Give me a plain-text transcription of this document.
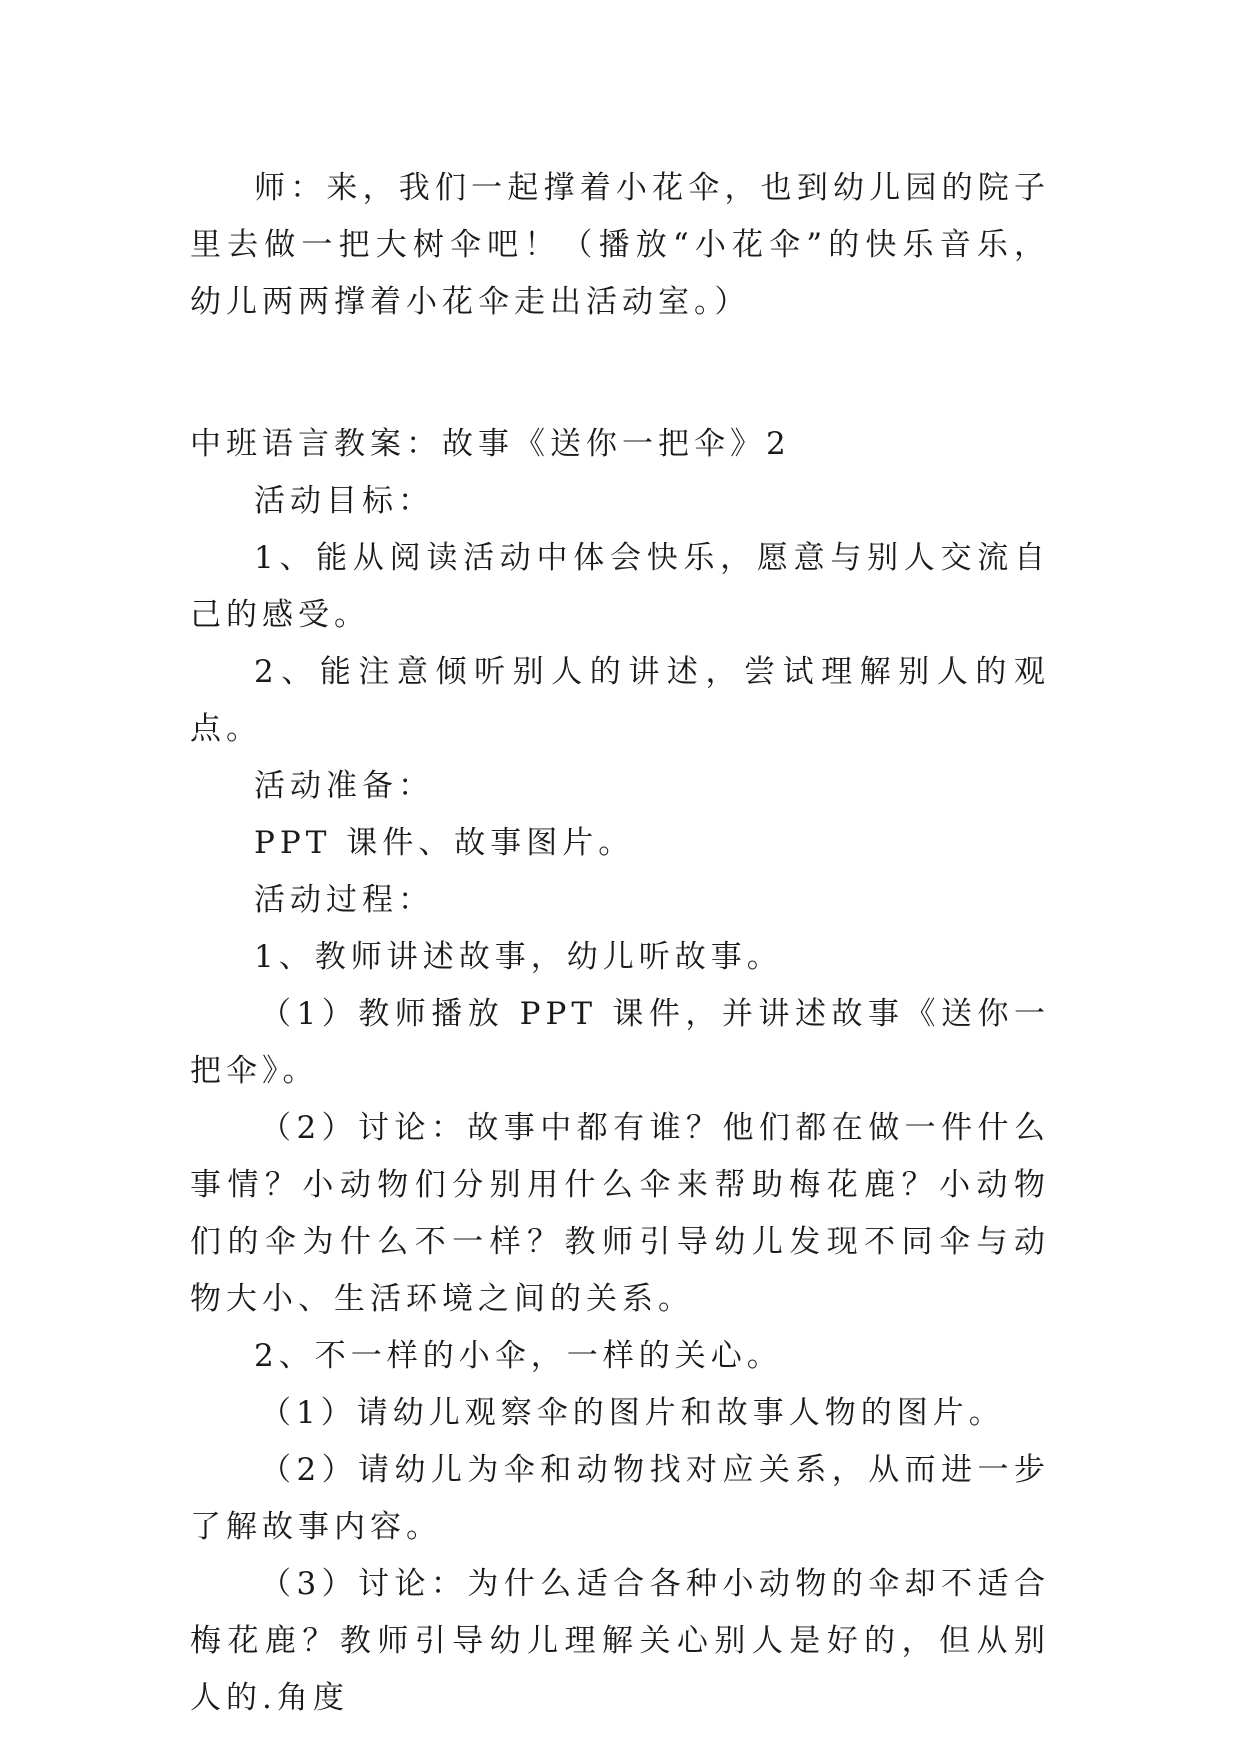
师：来，我们一起撑着小花伞，也到幼儿园的院子里去做一把大树伞吧！（播放“小花伞”的快乐音乐，幼儿两两撑着小花伞走出活动室。）

中班语言教案：故事《送你一把伞》2

活动目标：

1、能从阅读活动中体会快乐，愿意与别人交流自己的感受。

2、能注意倾听别人的讲述，尝试理解别人的观点。

活动准备：

PPT 课件、故事图片。

活动过程：

1、教师讲述故事，幼儿听故事。

（1）教师播放 PPT 课件，并讲述故事《送你一把伞》。

（2）讨论：故事中都有谁？他们都在做一件什么事情？小动物们分别用什么伞来帮助梅花鹿？小动物们的伞为什么不一样？教师引导幼儿发现不同伞与动物大小、生活环境之间的关系。

2、不一样的小伞，一样的关心。

（1）请幼儿观察伞的图片和故事人物的图片。

（2）请幼儿为伞和动物找对应关系，从而进一步了解故事内容。

（3）讨论：为什么适合各种小动物的伞却不适合梅花鹿？教师引导幼儿理解关心别人是好的，但从别人的.角度
